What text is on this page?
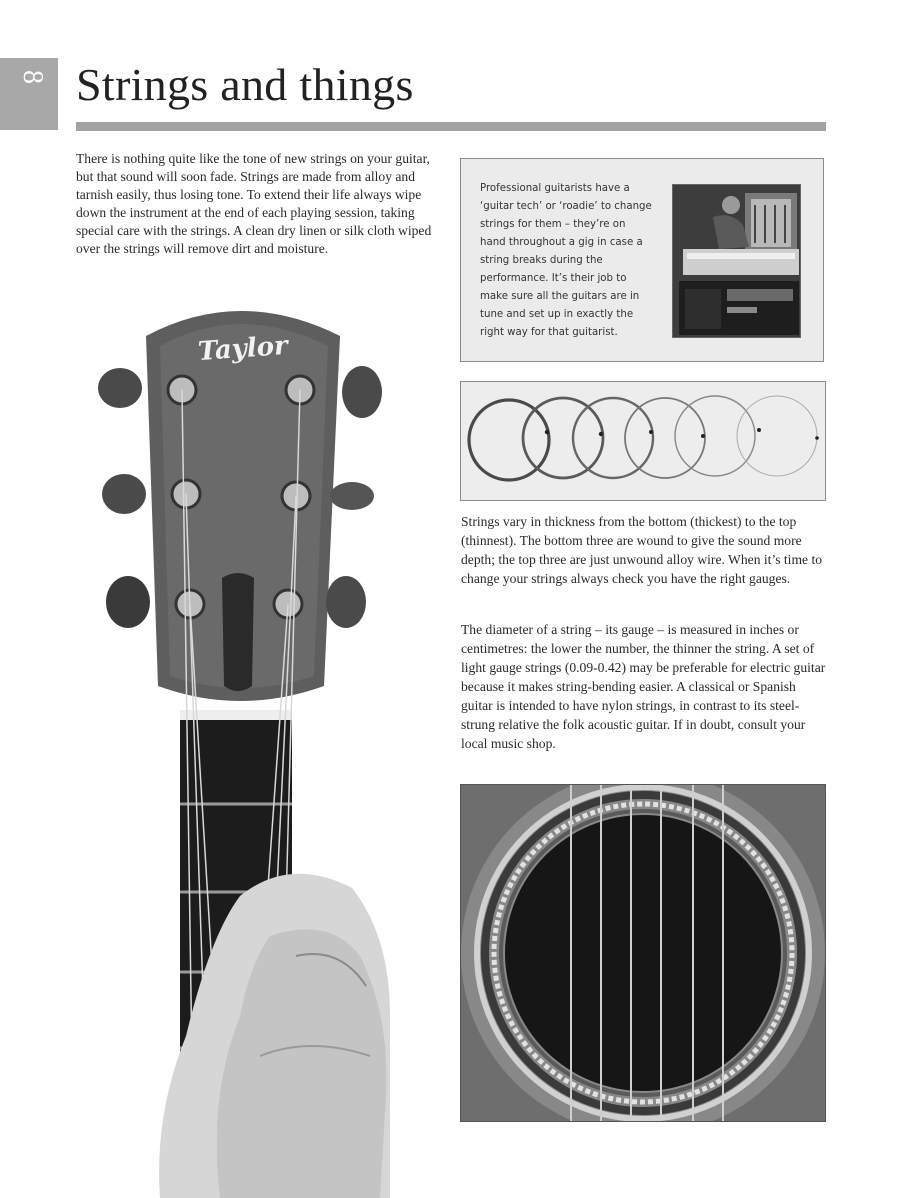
8 Strings and things

There is nothing quite like the tone of new strings on your guitar, but that sound will soon fade. Strings are made from alloy and tarnish easily, thus losing tone. To extend their life always wipe down the instrument at the end of each playing session, taking special care with the strings. A clean dry linen or silk cloth wiped over the strings will remove dirt and moisture.

Professional guitarists have a ‘guitar tech’ or ‘roadie’ to change strings for them – they’re on hand throughout a gig in case a string breaks during the performance. It’s their job to make sure all the guitars are in tune and set up in exactly the right way for that guitarist.

Strings vary in thickness from the bottom (thickest) to the top (thinnest). The bottom three are wound to give the sound more depth; the top three are just unwound alloy wire. When it’s time to change your strings always check you have the right gauges.

The diameter of a string – its gauge – is measured in inches or centimetres: the lower the number, the thinner the string. A set of light gauge strings (0.09-0.42) may be preferable for electric guitar because it makes string-bending easier. A classical or Spanish guitar is intended to have nylon strings, in contrast to its steel-strung relative the folk acoustic guitar. If in doubt, consult your local music shop.

Taylor
